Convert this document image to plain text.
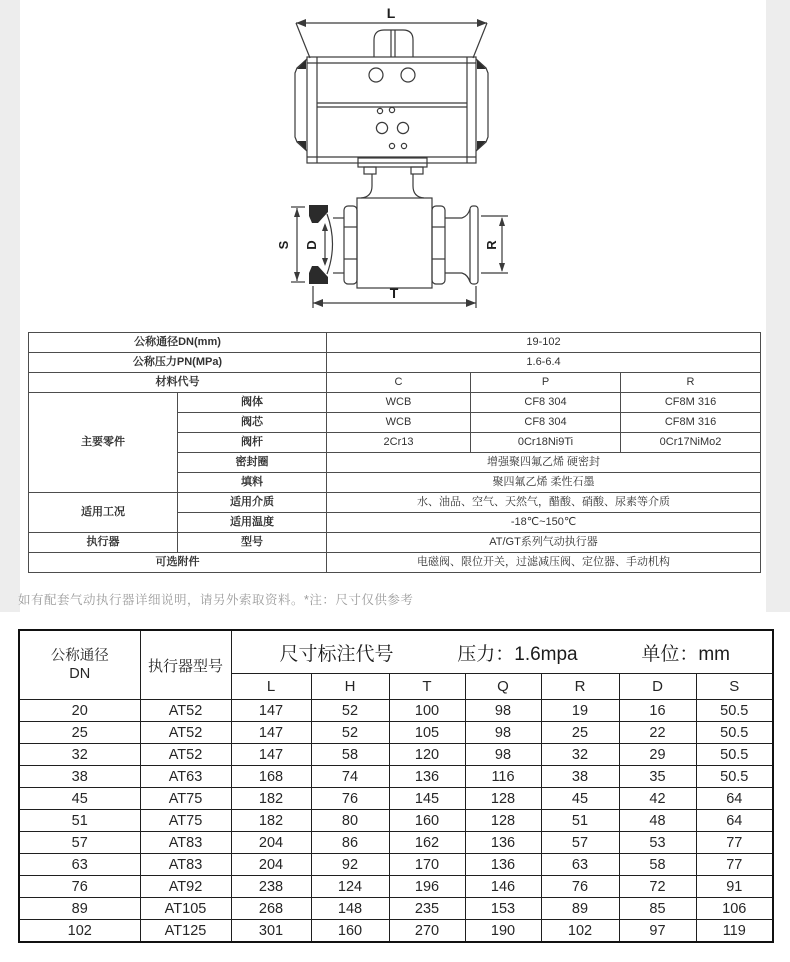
L
S D	R
T
公称通径DN(mm)		19-102		
公称压力PN(MPa)		1.6-6.4		
材料代号		C	P	R
主要零件	阀体	WCB	CF8 304	CF8M 316
	阀芯	WCB	CF8 304	CF8M 316
	阀杆	2Cr13	0Cr18Ni9Ti	0Cr17NiMo2
	密封圈	增强聚四氟乙烯 硬密封		
	填料	聚四氟乙烯 柔性石墨		
适用工况	适用介质	水、油品、空气、天然气，醋酸、硝酸、尿素等介质		
	适用温度	-18℃~150℃		
执行器	型号	AT/GT系列气动执行器		
可选附件		电磁阀、限位开关，过滤减压阀、定位器、手动机构		
如有配套气动执行器详细说明，请另外索取资料。*注：尺寸仅供参考
公称通径
DN	执行器型号	
尺寸标注代号	压力：1.6mpa	单位：mm

		L	H	T	Q	R	D	S
20	AT52	147	52	100	98	19	16	50.5
25	AT52	147	52	105	98	25	22	50.5
32	AT52	147	58	120	98	32	29	50.5
38	AT63	168	74	136	116	38	35	50.5
45	AT75	182	76	145	128	45	42	64
51	AT75	182	80	160	128	51	48	64
57	AT83	204	86	162	136	57	53	77
63	AT83	204	92	170	136	63	58	77
76	AT92	238	124	196	146	76	72	91
89	AT105	268	148	235	153	89	85	106
102	AT125	301	160	270	190	102	97	119
